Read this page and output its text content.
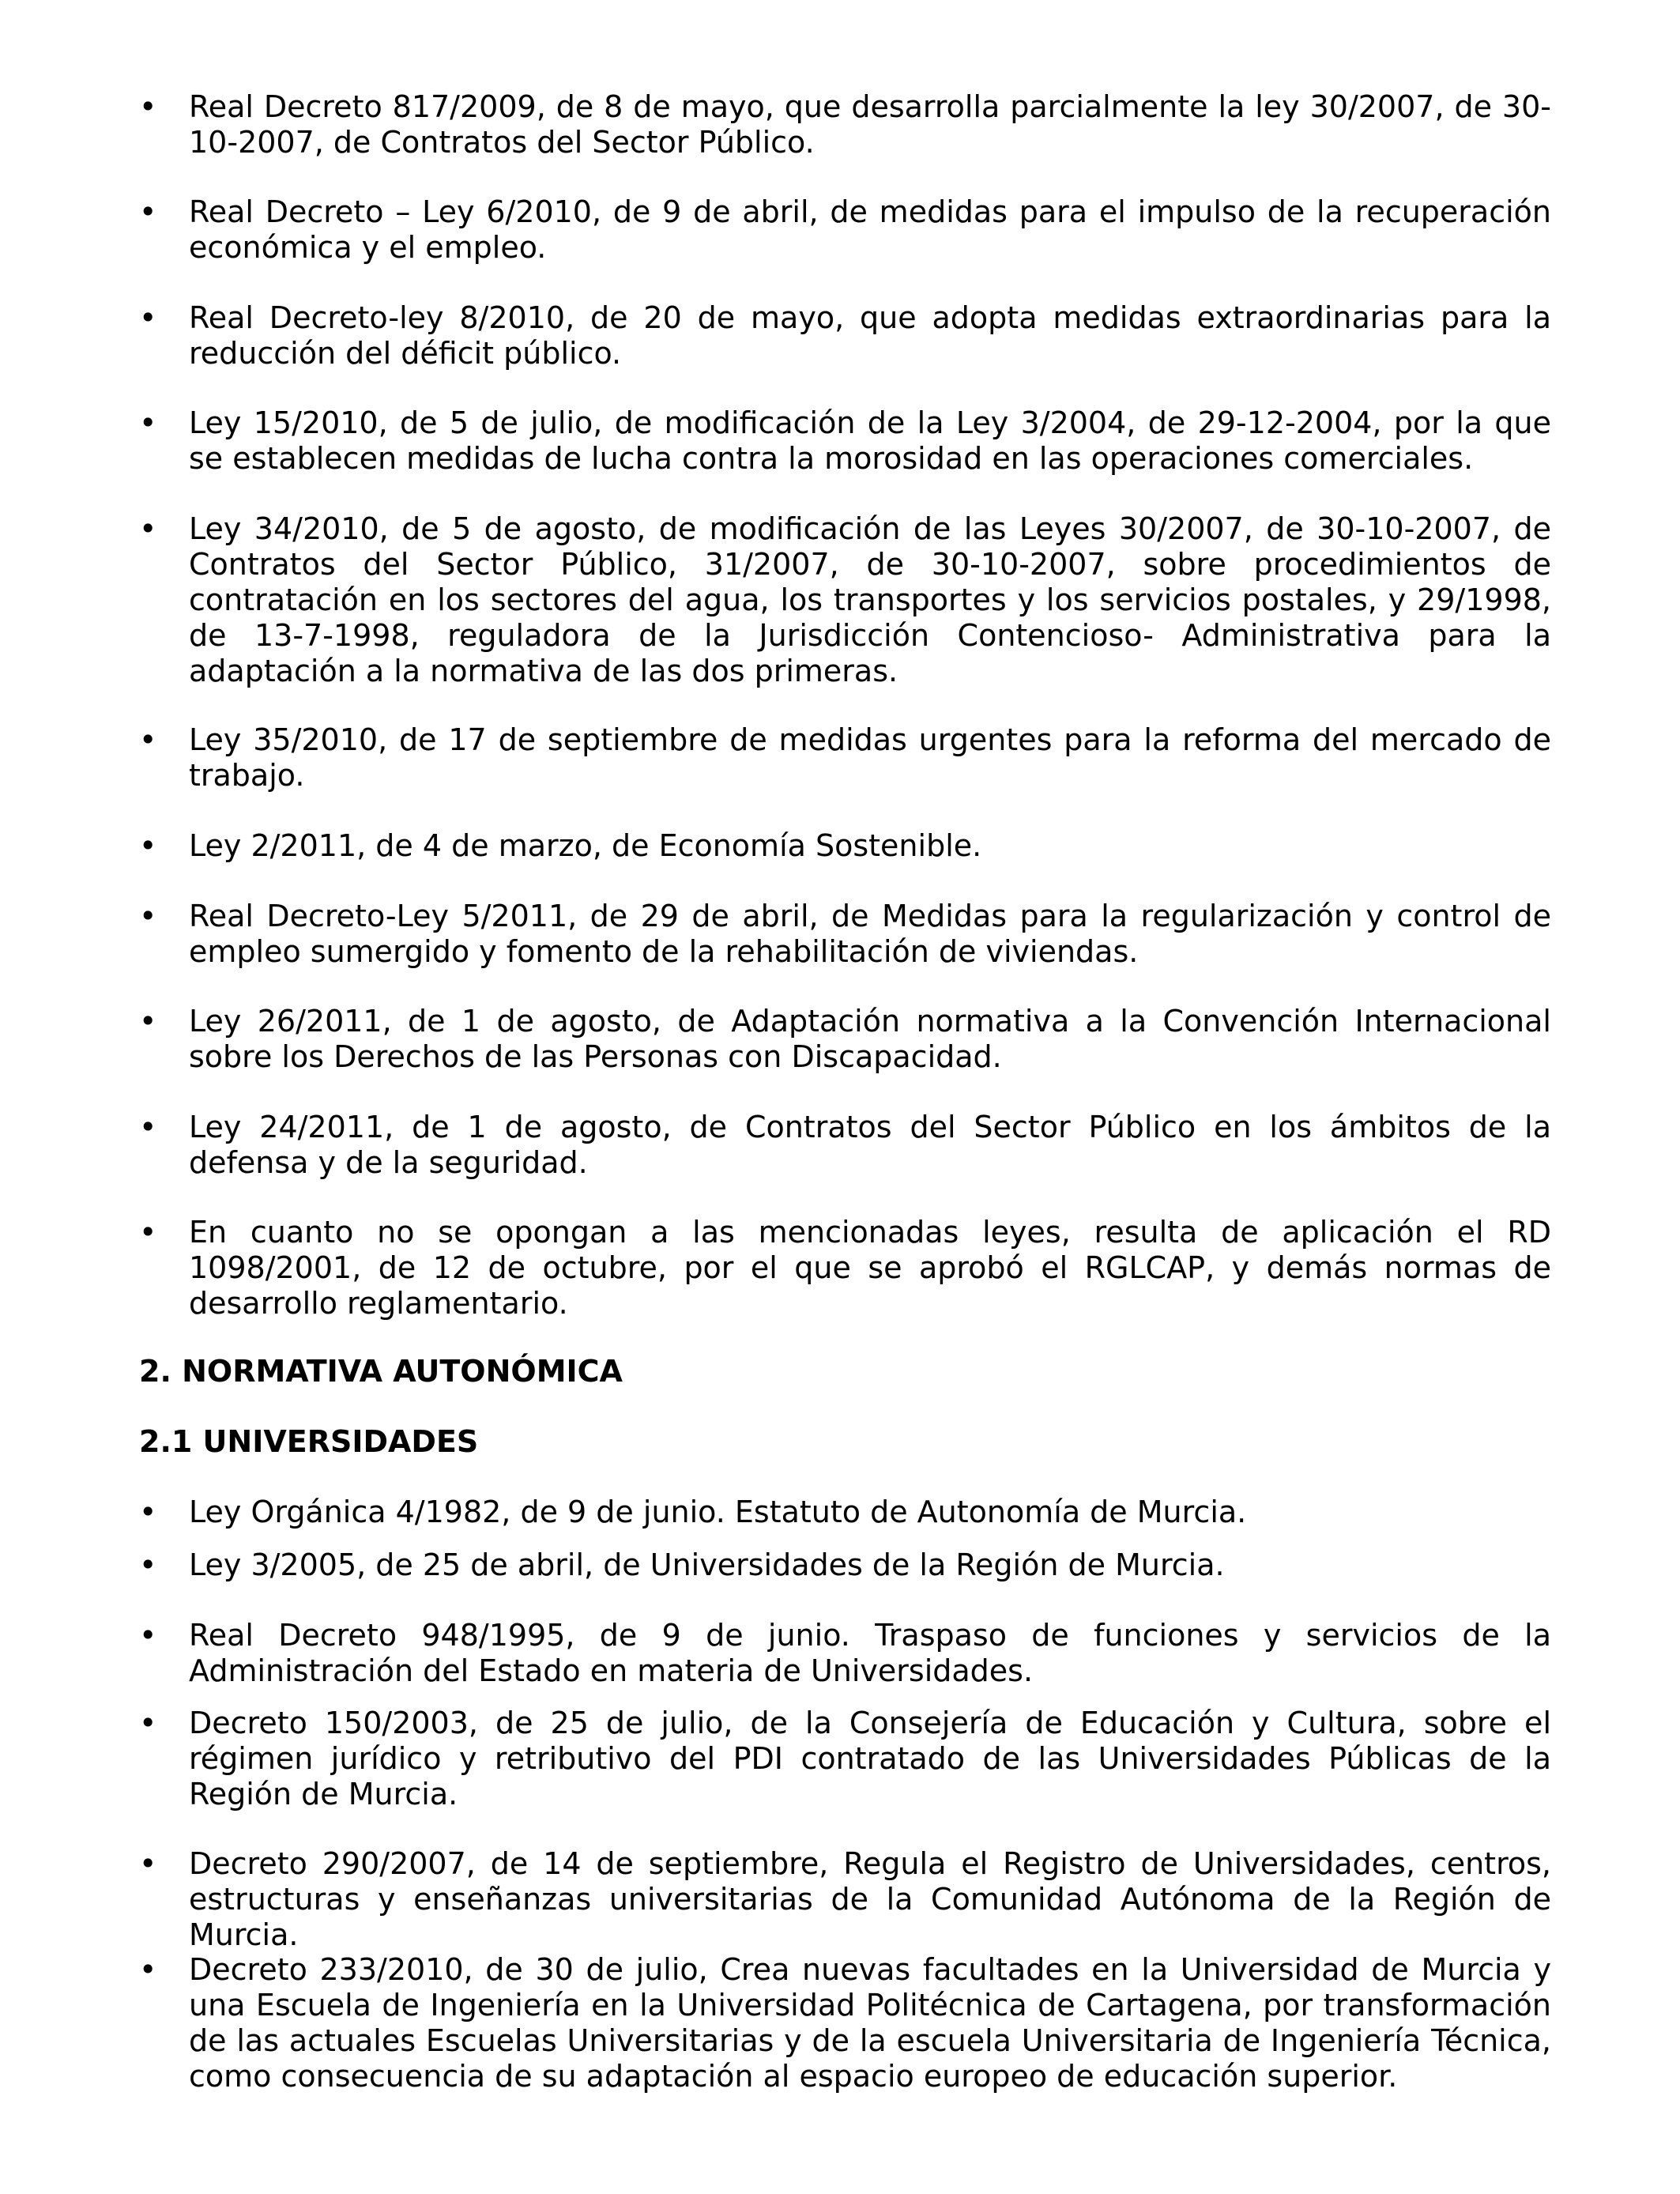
• Real Decreto 817/2009, de 8 de mayo, que desarrolla parcialmente la ley 30/2007, de 30-10-2007, de Contratos del Sector Público.
• Real Decreto – Ley 6/2010, de 9 de abril, de medidas para el impulso de la recuperación económica y el empleo.
• Real Decreto-ley 8/2010, de 20 de mayo, que adopta medidas extraordinarias para la reducción del déficit público.
• Ley 15/2010, de 5 de julio, de modificación de la Ley 3/2004, de 29-12-2004, por la que se establecen medidas de lucha contra la morosidad en las operaciones comerciales.
• Ley 34/2010, de 5 de agosto, de modificación de las Leyes 30/2007, de 30-10-2007, de Contratos del Sector Público, 31/2007, de 30-10-2007, sobre procedimientos de contratación en los sectores del agua, los transportes y los servicios postales, y 29/1998, de 13-7-1998, reguladora de la Jurisdicción Contencioso- Administrativa para la adaptación a la normativa de las dos primeras.
• Ley 35/2010, de 17 de septiembre de medidas urgentes para la reforma del mercado de trabajo.
• Ley 2/2011, de 4 de marzo, de Economía Sostenible.
• Real Decreto-Ley 5/2011, de 29 de abril, de Medidas para la regularización y control de empleo sumergido y fomento de la rehabilitación de viviendas.
• Ley 26/2011, de 1 de agosto, de Adaptación normativa a la Convención Internacional sobre los Derechos de las Personas con Discapacidad.
• Ley 24/2011, de 1 de agosto, de Contratos del Sector Público en los ámbitos de la defensa y de la seguridad.
• En cuanto no se opongan a las mencionadas leyes, resulta de aplicación el RD 1098/2001, de 12 de octubre, por el que se aprobó el RGLCAP, y demás normas de desarrollo reglamentario.
2. NORMATIVA AUTONÓMICA
2.1 UNIVERSIDADES
• Ley Orgánica 4/1982, de 9 de junio. Estatuto de Autonomía de Murcia.
• Ley 3/2005, de 25 de abril, de Universidades de la Región de Murcia.
• Real Decreto 948/1995, de 9 de junio. Traspaso de funciones y servicios de la Administración del Estado en materia de Universidades.
• Decreto 150/2003, de 25 de julio, de la Consejería de Educación y Cultura, sobre el régimen jurídico y retributivo del PDI contratado de las Universidades Públicas de la Región de Murcia.
• Decreto 290/2007, de 14 de septiembre, Regula el Registro de Universidades, centros, estructuras y enseñanzas universitarias de la Comunidad Autónoma de la Región de Murcia.
• Decreto 233/2010, de 30 de julio, Crea nuevas facultades en la Universidad de Murcia y una Escuela de Ingeniería en la Universidad Politécnica de Cartagena, por transformación de las actuales Escuelas Universitarias y de la escuela Universitaria de Ingeniería Técnica, como consecuencia de su adaptación al espacio europeo de educación superior.
